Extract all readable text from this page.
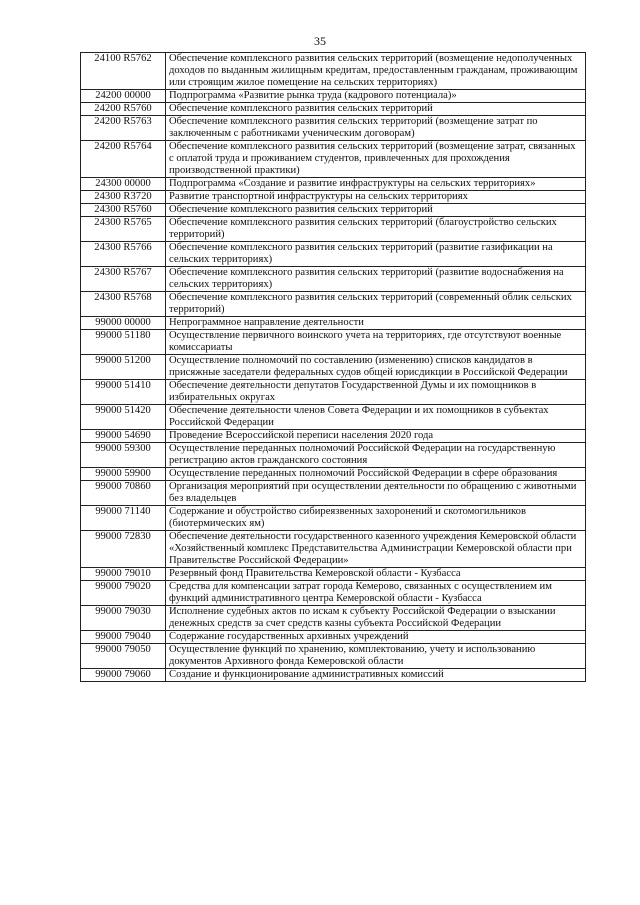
35
24100 R5762	Обеспечение комплексного развития сельских территорий (возмещение недополученных доходов по выданным жилищным кредитам, предоставленным гражданам, проживающим или строящим жилое помещение на сельских территориях)
24200 00000	Подпрограмма «Развитие рынка труда (кадрового потенциала)»
24200 R5760	Обеспечение комплексного развития сельских территорий
24200 R5763	Обеспечение комплексного развития сельских территорий (возмещение затрат по заключенным с работниками ученическим договорам)
24200 R5764	Обеспечение комплексного развития сельских территорий (возмещение затрат, связанных с оплатой труда и проживанием студентов, привлеченных для прохождения производственной практики)
24300 00000	Подпрограмма «Создание и развитие инфраструктуры на сельских территориях»
24300 R3720	Развитие транспортной инфраструктуры на сельских территориях
24300 R5760	Обеспечение комплексного развития сельских территорий
24300 R5765	Обеспечение комплексного развития сельских территорий (благоустройство сельских территорий)
24300 R5766	Обеспечение комплексного развития сельских территорий (развитие газификации на сельских территориях)
24300 R5767	Обеспечение комплексного развития сельских территорий (развитие водоснабжения на сельских территориях)
24300 R5768	Обеспечение комплексного развития сельских территорий (современный облик сельских территорий)
99000 00000	Непрограммное направление деятельности
99000 51180	Осуществление первичного воинского учета на территориях, где отсутствуют военные комиссариаты
99000 51200	Осуществление полномочий по составлению (изменению) списков кандидатов в присяжные заседатели федеральных судов общей юрисдикции в Российской Федерации
99000 51410	Обеспечение деятельности депутатов Государственной Думы и их помощников в избирательных округах
99000 51420	Обеспечение деятельности членов Совета Федерации и их помощников в субъектах Российской Федерации
99000 54690	Проведение Всероссийской переписи населения 2020 года
99000 59300	Осуществление переданных полномочий Российской Федерации на государственную регистрацию актов гражданского состояния
99000 59900	Осуществление переданных полномочий Российской Федерации в сфере образования
99000 70860	Организация мероприятий при осуществлении деятельности по обращению с животными без владельцев
99000 71140	Содержание и обустройство сибиреязвенных захоронений и скотомогильников (биотермических ям)
99000 72830	Обеспечение деятельности государственного казенного учреждения Кемеровской области «Хозяйственный комплекс Представительства Администрации Кемеровской области при Правительстве Российской Федерации»
99000 79010	Резервный фонд Правительства Кемеровской области - Кузбасса
99000 79020	Средства для компенсации затрат города Кемерово, связанных с осуществлением им функций административного центра Кемеровской области - Кузбасса
99000 79030	Исполнение судебных актов по искам к субъекту Российской Федерации о взыскании денежных средств за счет средств казны субъекта Российской Федерации
99000 79040	Содержание государственных архивных учреждений
99000 79050	Осуществление функций по хранению, комплектованию, учету и использованию документов Архивного фонда Кемеровской области
99000 79060	Создание и функционирование административных комиссий
